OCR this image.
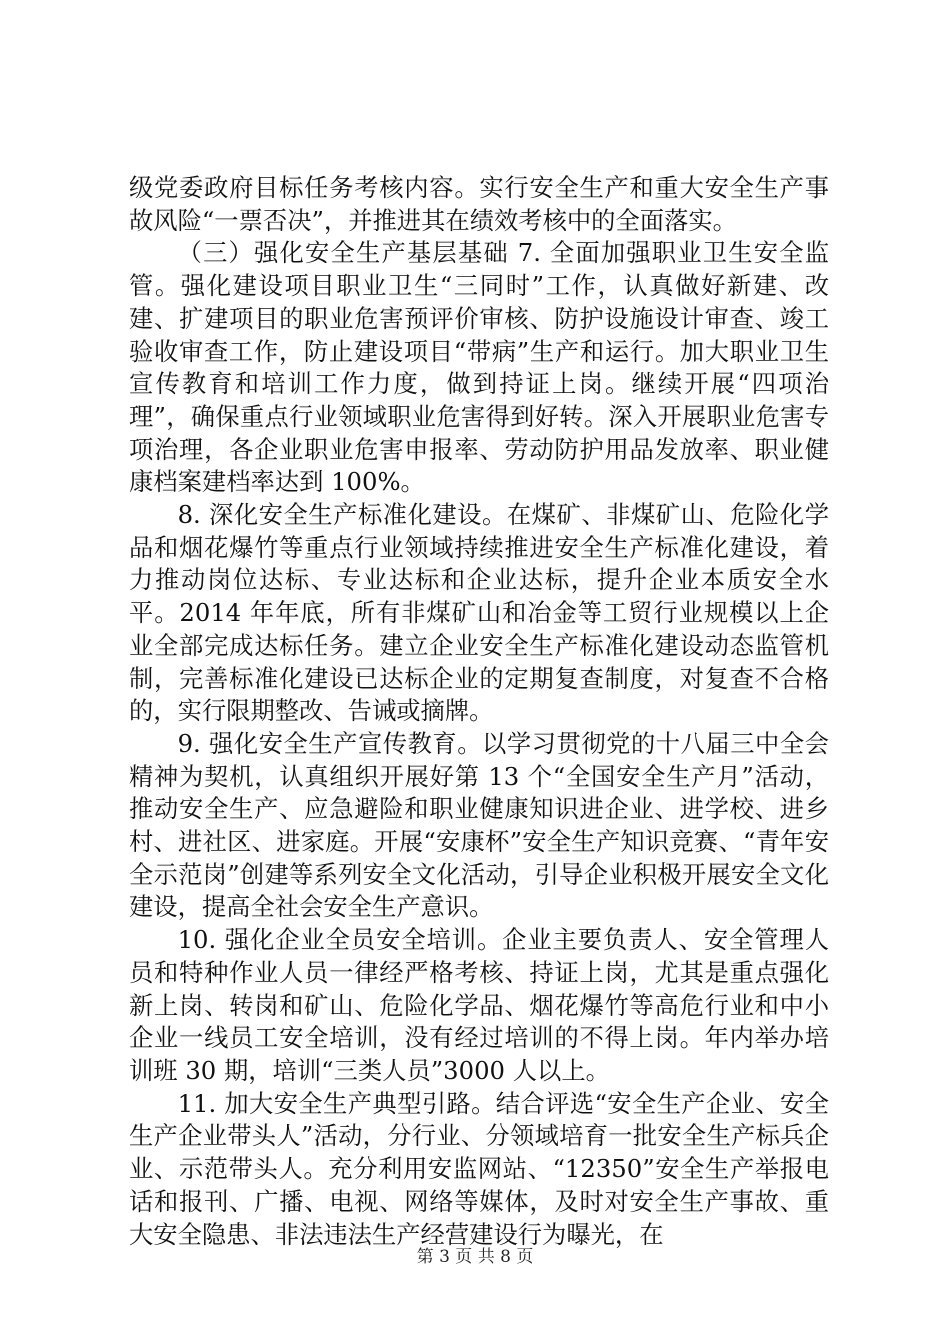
级党委政府目标任务考核内容。实行安全生产和重大安全生产事故风险“一票否决”，并推进其在绩效考核中的全面落实。

（三）强化安全生产基层基础 7. 全面加强职业卫生安全监管。强化建设项目职业卫生“三同时”工作，认真做好新建、改建、扩建项目的职业危害预评价审核、防护设施设计审查、竣工验收审查工作，防止建设项目“带病”生产和运行。加大职业卫生宣传教育和培训工作力度，做到持证上岗。继续开展“四项治理”，确保重点行业领域职业危害得到好转。深入开展职业危害专项治理，各企业职业危害申报率、劳动防护用品发放率、职业健康档案建档率达到 100%。

8. 深化安全生产标准化建设。在煤矿、非煤矿山、危险化学品和烟花爆竹等重点行业领域持续推进安全生产标准化建设，着力推动岗位达标、专业达标和企业达标，提升企业本质安全水平。2014 年年底，所有非煤矿山和冶金等工贸行业规模以上企业全部完成达标任务。建立企业安全生产标准化建设动态监管机制，完善标准化建设已达标企业的定期复查制度，对复查不合格的，实行限期整改、告诫或摘牌。

9. 强化安全生产宣传教育。以学习贯彻党的十八届三中全会精神为契机，认真组织开展好第 13 个“全国安全生产月”活动，推动安全生产、应急避险和职业健康知识进企业、进学校、进乡村、进社区、进家庭。开展“安康杯”安全生产知识竞赛、“青年安全示范岗”创建等系列安全文化活动，引导企业积极开展安全文化建设，提高全社会安全生产意识。

10. 强化企业全员安全培训。企业主要负责人、安全管理人员和特种作业人员一律经严格考核、持证上岗，尤其是重点强化新上岗、转岗和矿山、危险化学品、烟花爆竹等高危行业和中小企业一线员工安全培训，没有经过培训的不得上岗。年内举办培训班 30 期，培训“三类人员”3000 人以上。

11. 加大安全生产典型引路。结合评选“安全生产企业、安全生产企业带头人”活动，分行业、分领域培育一批安全生产标兵企业、示范带头人。充分利用安监网站、“12350”安全生产举报电话和报刊、广播、电视、网络等媒体，及时对安全生产事故、重大安全隐患、非法违法生产经营建设行为曝光，在

第 3 页 共 8 页
